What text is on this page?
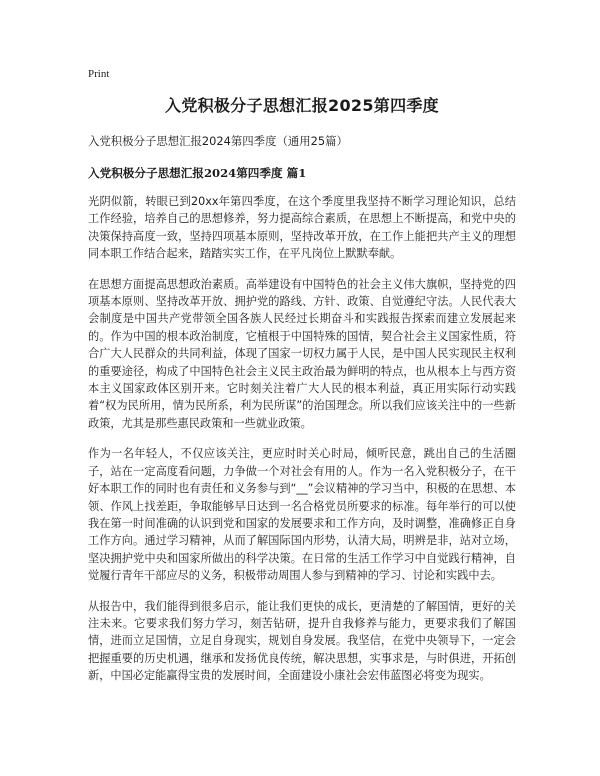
Print
入党积极分子思想汇报2025第四季度
入党积极分子思想汇报2024第四季度（通用25篇）
入党积极分子思想汇报2024第四季度 篇1

光阴似箭，转眼已到20xx年第四季度，在这个季度里我坚持不断学习理论知识，总结工作经验，培养自己的思想修养，努力提高综合素质，在思想上不断提高，和党中央的决策保持高度一致，坚持四项基本原则，坚持改革开放，在工作上能把共产主义的理想同本职工作结合起来，踏踏实实工作，在平凡岗位上默默奉献。

在思想方面提高思想政治素质。高举建设有中国特色的社会主义伟大旗帜，坚持党的四项基本原则、坚持改革开放、拥护党的路线、方针、政策、自觉遵纪守法。人民代表大会制度是中国共产党带领全国各族人民经过长期奋斗和实践报告探索而建立发展起来的。作为中国的根本政治制度，它植根于中国特殊的国情，契合社会主义国家性质，符合广大人民群众的共同利益，体现了国家一切权力属于人民，是中国人民实现民主权利的重要途径，构成了中国特色社会主义民主政治最为鲜明的特点，也从根本上与西方资本主义国家政体区别开来。它时刻关注着广大人民的根本利益，真正用实际行动实践着“权为民所用，情为民所系，利为民所谋”的治国理念。所以我们应该关注中的一些新政策，尤其是那些惠民政策和一些就业政策。

作为一名年轻人，不仅应该关注，更应时时关心时局，倾听民意，跳出自己的生活圈子，站在一定高度看问题，力争做一个对社会有用的人。作为一名入党积极分子，在干好本职工作的同时也有责任和义务参与到“__”会议精神的学习当中，积极的在思想、本领、作风上找差距，争取能够早日达到一名合格党员所要求的标准。每年举行的可以使我在第一时间准确的认识到党和国家的发展要求和工作方向，及时调整，准确修正自身工作方向。通过学习精神，从而了解国际国内形势，认清大局，明辨是非，站对立场，坚决拥护党中央和国家所做出的科学决策。在日常的生活工作学习中自觉践行精神，自觉履行青年干部应尽的义务，积极带动周围人参与到精神的学习、讨论和实践中去。

从报告中，我们能得到很多启示，能让我们更快的成长，更清楚的了解国情，更好的关注未来。它要求我们努力学习，刻苦钻研，提升自我修养与能力，更要求我们了解国情，进而立足国情，立足自身现实，规划自身发展。我坚信，在党中央领导下，一定会把握重要的历史机遇，继承和发扬优良传统，解决思想，实事求是，与时俱进，开拓创新，中国必定能赢得宝贵的发展时间，全面建设小康社会宏伟蓝图必将变为现实。
